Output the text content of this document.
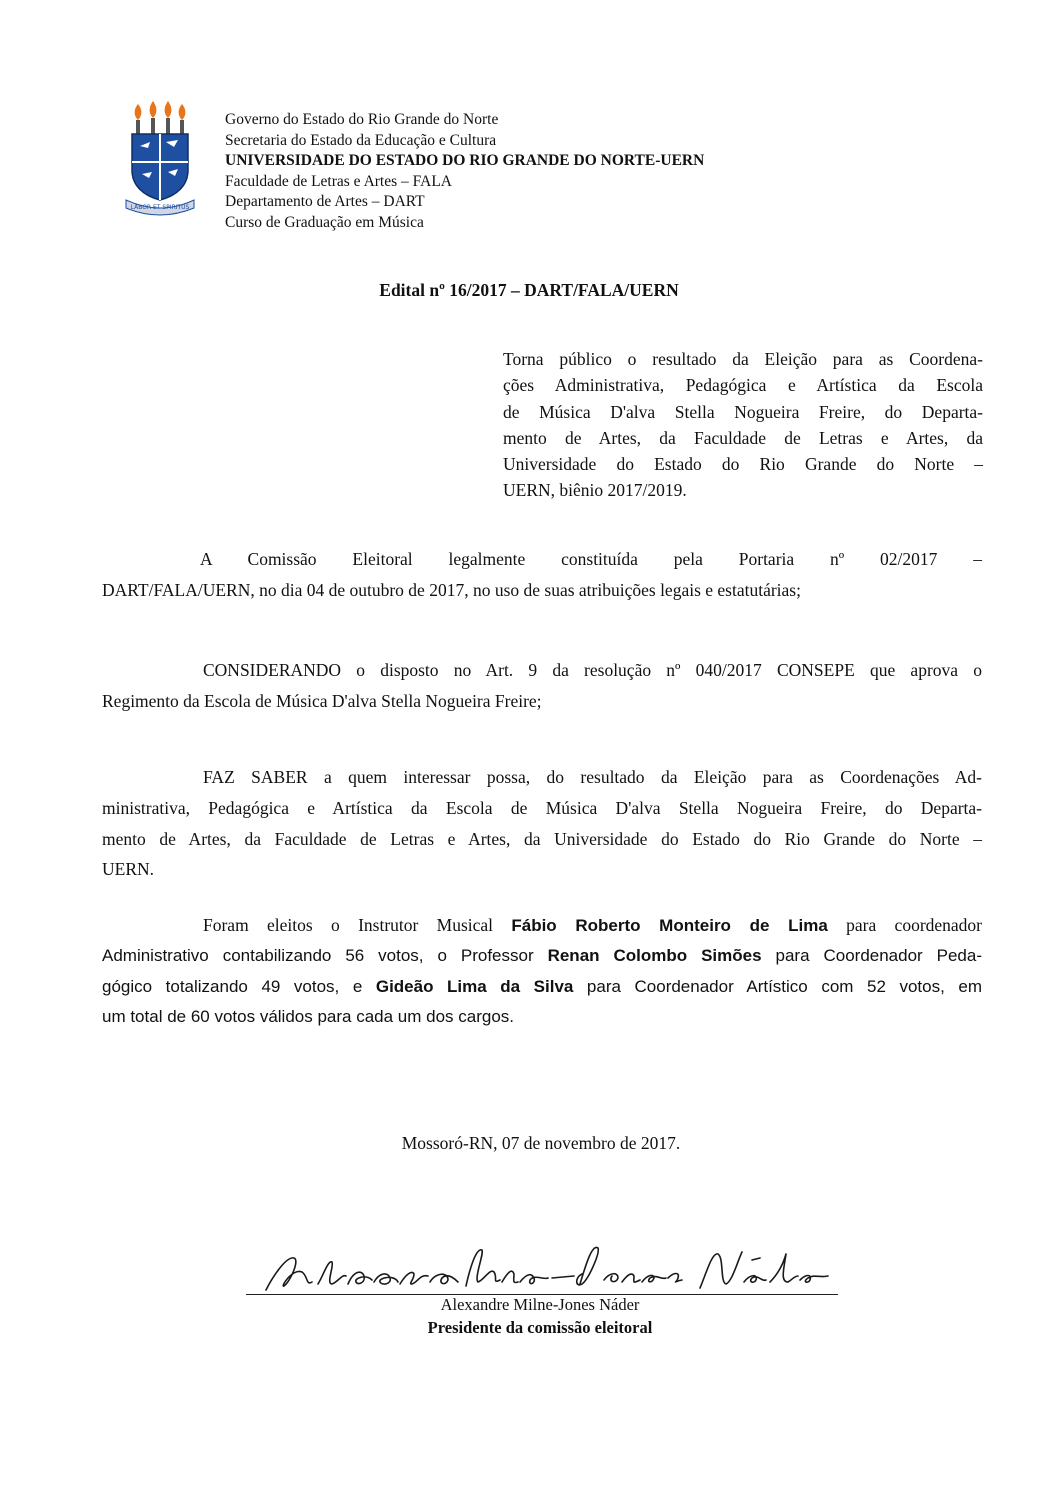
LABOR ET SPIRITUS
Governo do Estado do Rio Grande do Norte
Secretaria do Estado da Educação e Cultura
UNIVERSIDADE DO ESTADO DO RIO GRANDE DO NORTE-UERN
Faculdade de Letras e Artes – FALA
Departamento de Artes – DART
Curso de Graduação em Música
Edital nº 16/2017 – DART/FALA/UERN
Torna público o resultado da Eleição para as Coordena-
ções Administrativa, Pedagógica e Artística da Escola
de Música D'alva Stella Nogueira Freire, do Departa-
mento de Artes, da Faculdade de Letras e Artes, da
Universidade do Estado do Rio Grande do Norte –
UERN, biênio 2017/2019.
A Comissão Eleitoral legalmente constituída pela Portaria nº 02/2017 –
DART/FALA/UERN, no dia 04 de outubro de 2017, no uso de suas atribuições legais e estatutárias;
CONSIDERANDO o disposto no Art. 9 da resolução nº 040/2017 CONSEPE que aprova o
Regimento da Escola de Música D'alva Stella Nogueira Freire;
FAZ SABER a quem interessar possa, do resultado da Eleição para as Coordenações Ad-
ministrativa, Pedagógica e Artística da Escola de Música D'alva Stella Nogueira Freire, do Departa-
mento de Artes, da Faculdade de Letras e Artes, da Universidade do Estado do Rio Grande do Norte –
UERN.
Foram eleitos o Instrutor Musical Fábio Roberto Monteiro de Lima para coordenador
Administrativo contabilizando 56 votos, o Professor Renan Colombo Simões para Coordenador Peda-
gógico totalizando 49 votos, e Gideão Lima da Silva para Coordenador Artístico com 52 votos, em
um total de 60 votos válidos para cada um dos cargos.
Mossoró-RN, 07 de novembro de 2017.
Alexandre Milne-Jones Náder
Presidente da comissão eleitoral
